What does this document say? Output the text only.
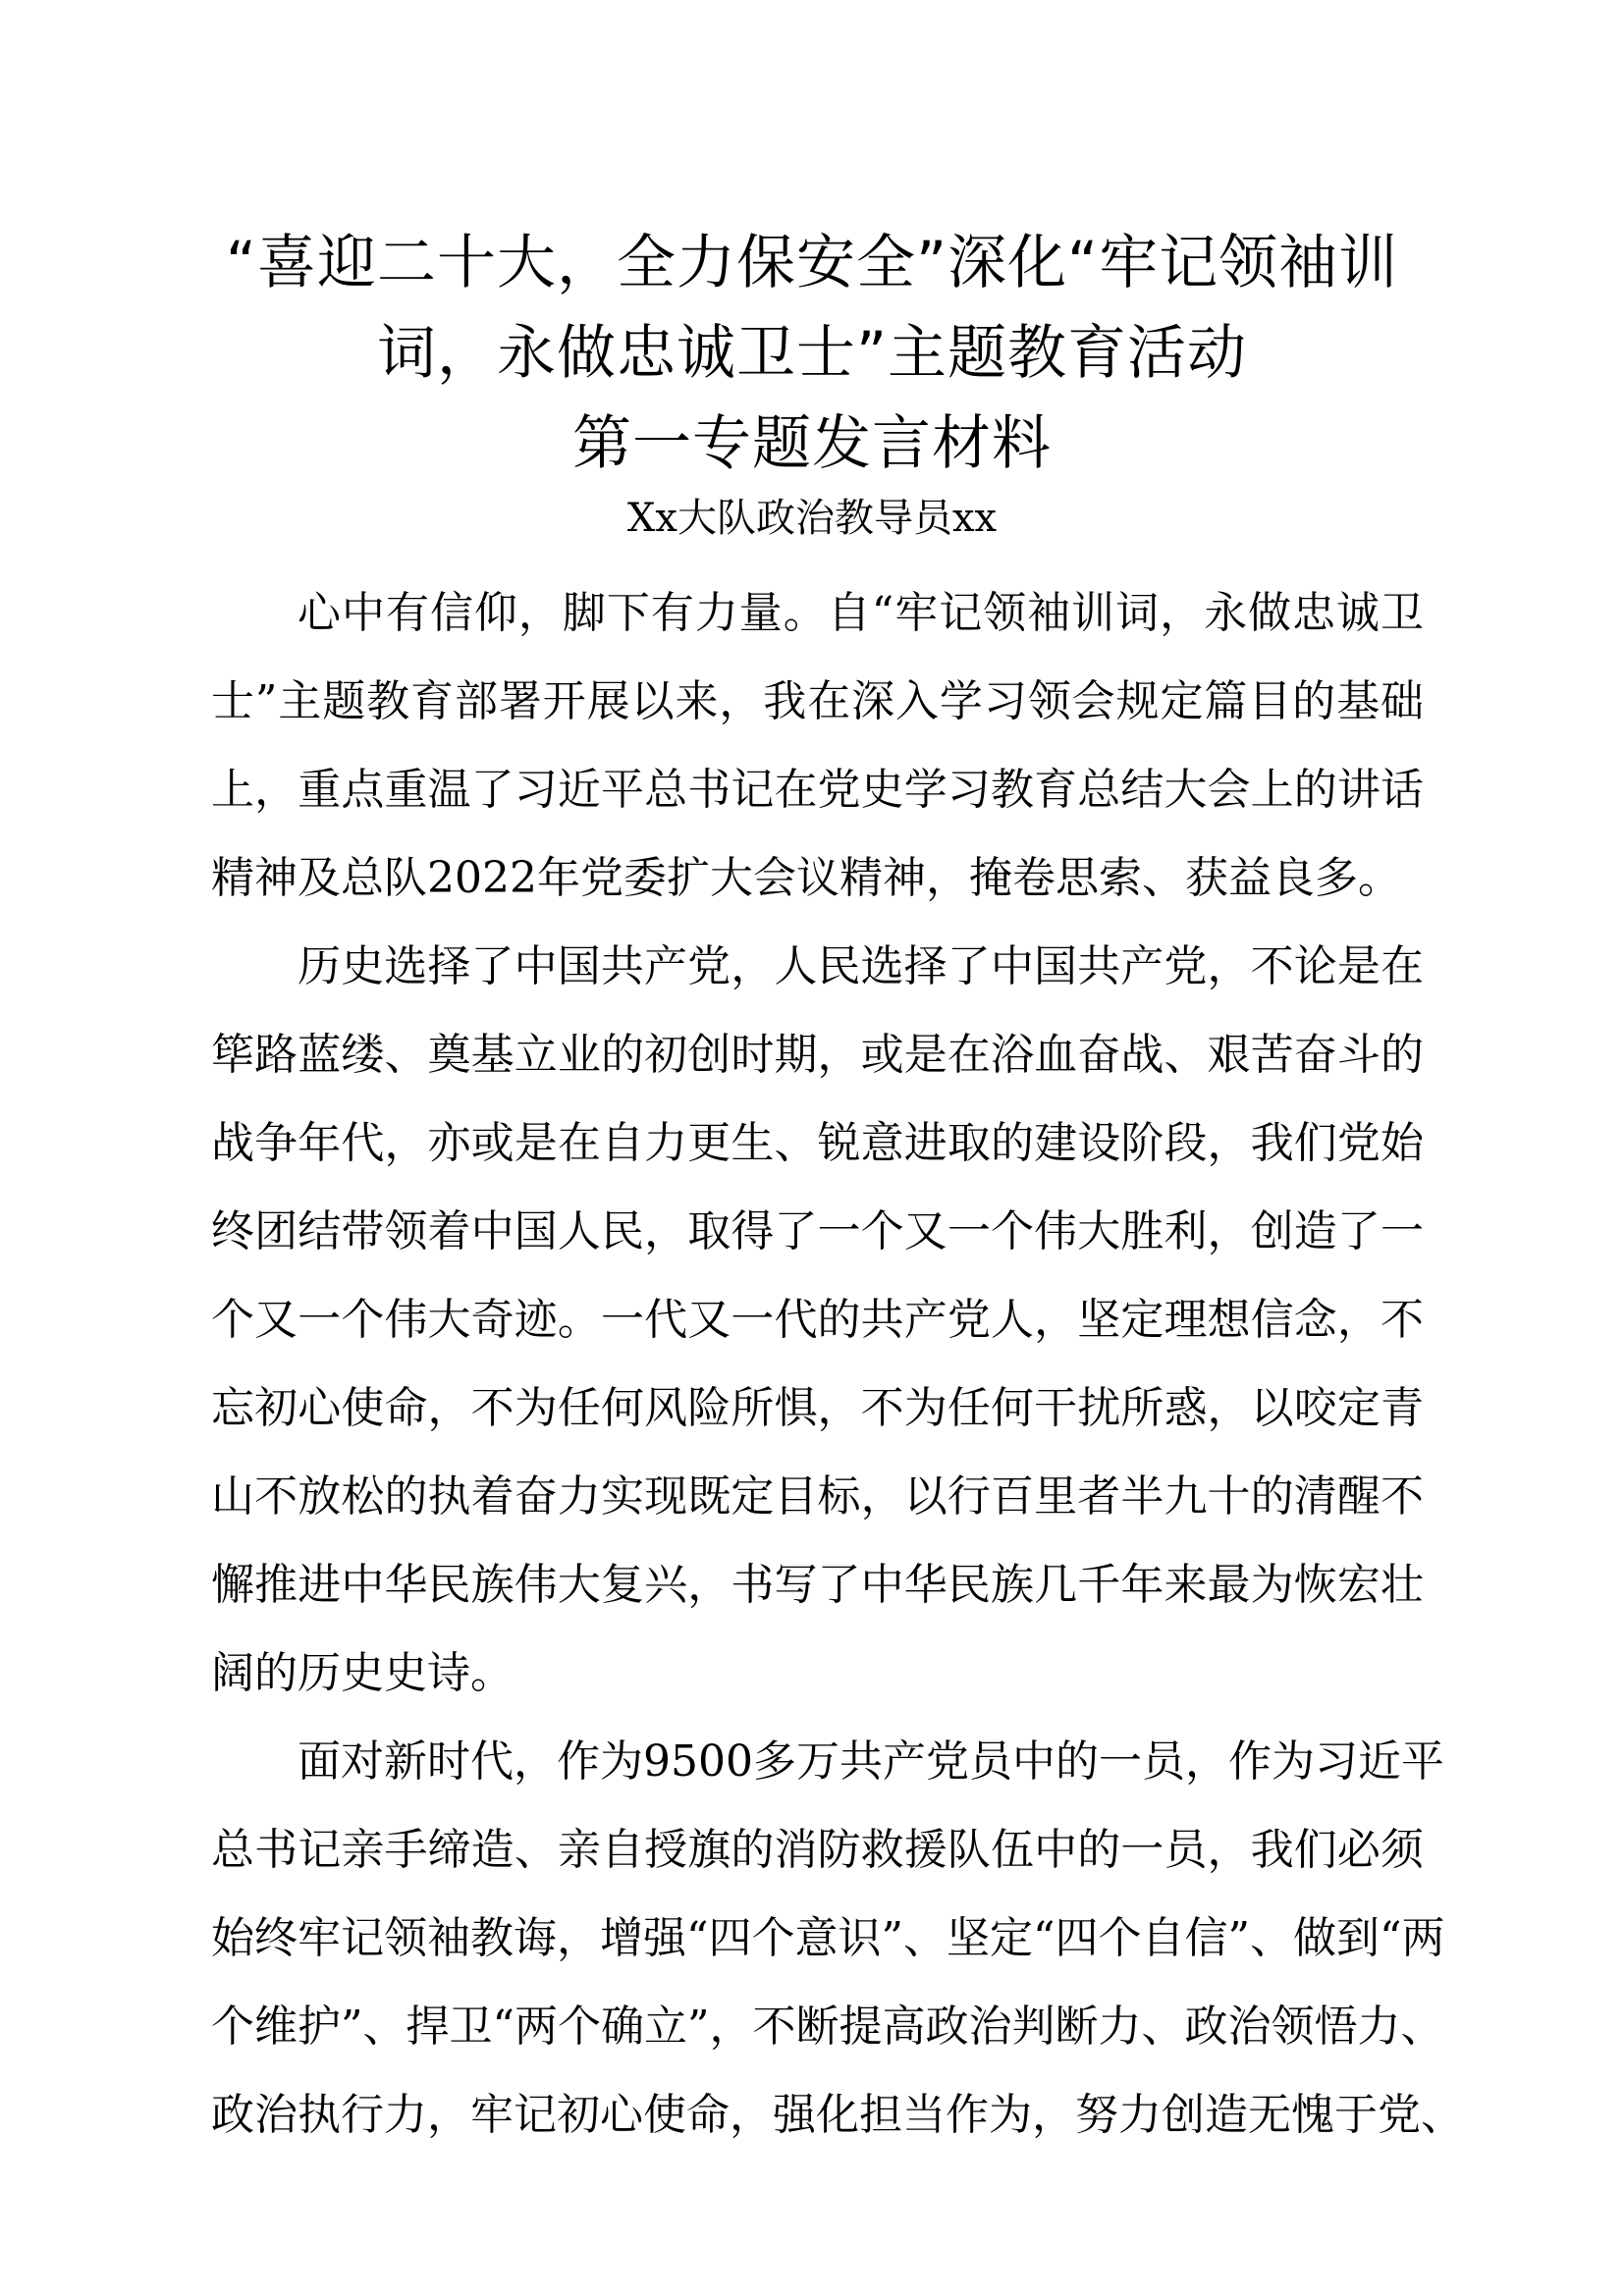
“喜迎二十大，全力保安全”深化“牢记领袖训
词，永做忠诚卫士”主题教育活动
第一专题发言材料
Xx大队政治教导员xx
心中有信仰，脚下有力量。自“牢记领袖训词，永做忠诚卫
士”主题教育部署开展以来，我在深入学习领会规定篇目的基础
上，重点重温了习近平总书记在党史学习教育总结大会上的讲话
精神及总队2022年党委扩大会议精神，掩卷思索、获益良多。
历史选择了中国共产党，人民选择了中国共产党，不论是在
筚路蓝缕、奠基立业的初创时期，或是在浴血奋战、艰苦奋斗的
战争年代，亦或是在自力更生、锐意进取的建设阶段，我们党始
终团结带领着中国人民，取得了一个又一个伟大胜利，创造了一
个又一个伟大奇迹。一代又一代的共产党人，坚定理想信念，不
忘初心使命，不为任何风险所惧，不为任何干扰所惑，以咬定青
山不放松的执着奋力实现既定目标，以行百里者半九十的清醒不
懈推进中华民族伟大复兴，书写了中华民族几千年来最为恢宏壮
阔的历史史诗。
面对新时代，作为9500多万共产党员中的一员，作为习近平
总书记亲手缔造、亲自授旗的消防救援队伍中的一员，我们必须
始终牢记领袖教诲，增强“四个意识”、坚定“四个自信”、做到“两
个维护”、捍卫“两个确立”，不断提高政治判断力、政治领悟力、
政治执行力，牢记初心使命，强化担当作为，努力创造无愧于党、
